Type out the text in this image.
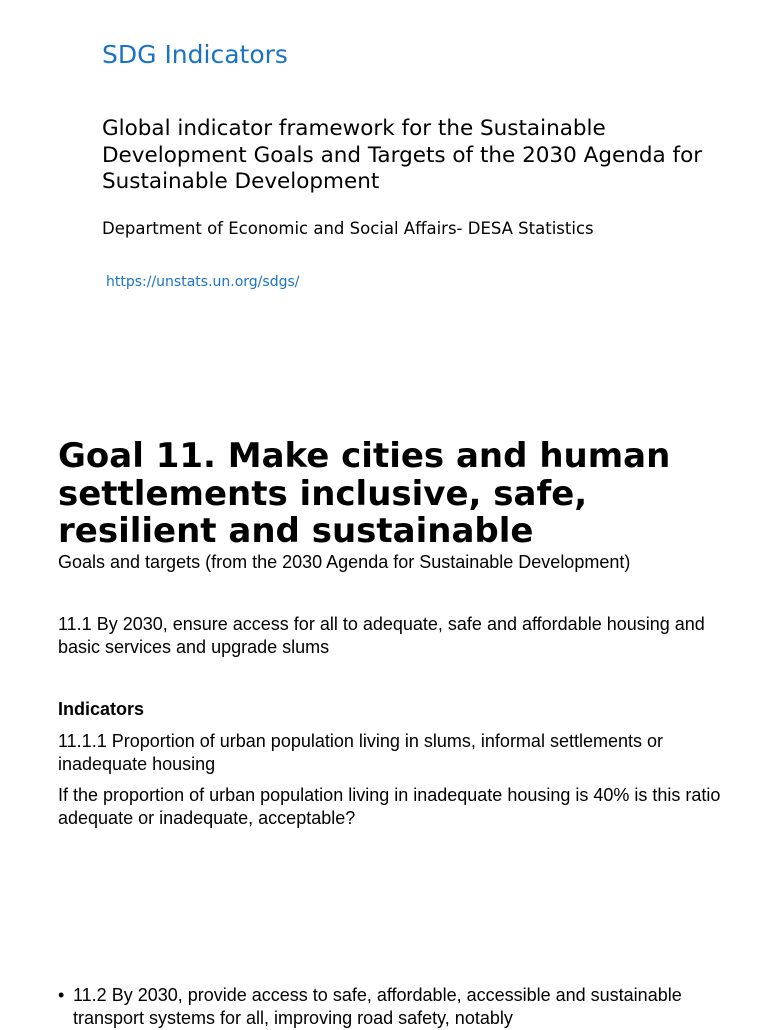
SDG Indicators
Global indicator framework for the Sustainable Development Goals and Targets of the 2030 Agenda for Sustainable Development
Department of Economic and Social Affairs- DESA Statistics
https://unstats.un.org/sdgs/
Goal 11. Make cities and human settlements inclusive, safe, resilient and sustainable
Goals and targets (from the 2030 Agenda for Sustainable Development)
11.1 By 2030, ensure access for all to adequate, safe and affordable housing and basic services and upgrade slums
Indicators
11.1.1 Proportion of urban population living in slums, informal settlements or inadequate housing
If the proportion of urban population living in inadequate housing is 40% is this ratio adequate or inadequate, acceptable?
• 11.2 By 2030, provide access to safe, affordable, accessible and sustainable transport systems for all, improving road safety, notably
